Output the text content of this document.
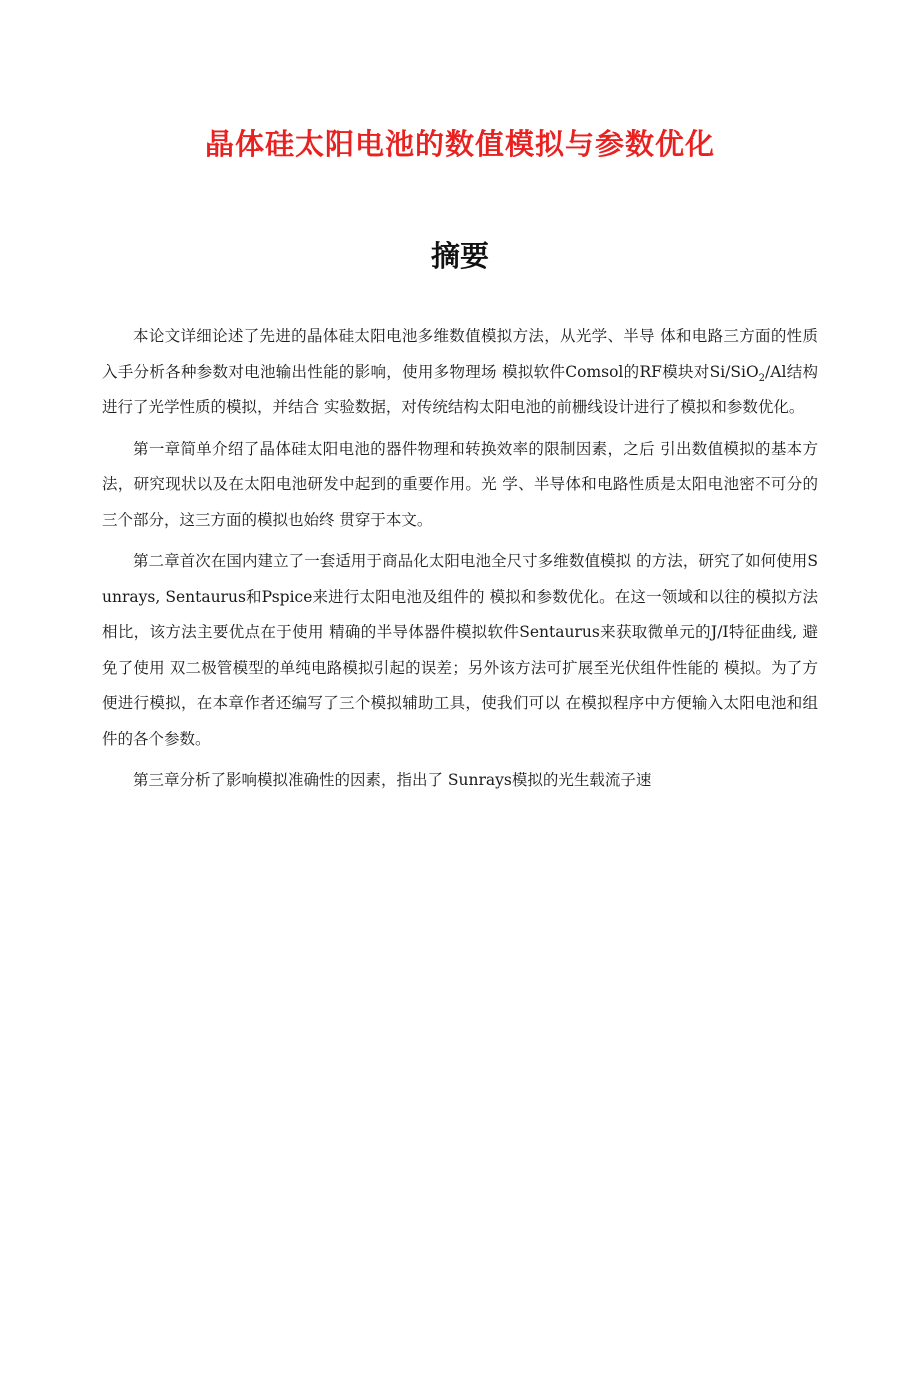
晶体硅太阳电池的数值模拟与参数优化
摘要

本论文详细论述了先进的晶体硅太阳电池多维数值模拟方法，从光学、半导 体和电路三方面的性质入手分析各种参数对电池输出性能的影响，使用多物理场 模拟软件Comsol的RF模块对Si/SiO$_2$/Al结构进行了光学性质的模拟，并结合 实验数据，对传统结构太阳电池的前栅线设计进行了模拟和参数优化。

第一章简单介绍了晶体硅太阳电池的器件物理和转换效率的限制因素，之后 引出数值模拟的基本方法，研究现状以及在太阳电池研发中起到的重要作用。光 学、半导体和电路性质是太阳电池密不可分的三个部分，这三方面的模拟也始终 贯穿于本文。

第二章首次在国内建立了一套适用于商品化太阳电池全尺寸多维数值模拟 的方法，研究了如何使用Sunrays, Sentaurus和Pspice来进行太阳电池及组件的 模拟和参数优化。在这一领域和以往的模拟方法相比，该方法主要优点在于使用 精确的半导体器件模拟软件Sentaurus来获取微单元的J/I特征曲线, 避免了使用 双二极管模型的单纯电路模拟引起的误差；另外该方法可扩展至光伏组件性能的 模拟。为了方便进行模拟，在本章作者还编写了三个模拟辅助工具，使我们可以 在模拟程序中方便输入太阳电池和组件的各个参数。

第三章分析了影响模拟准确性的因素，指出了 Sunrays模拟的光生载流子速
